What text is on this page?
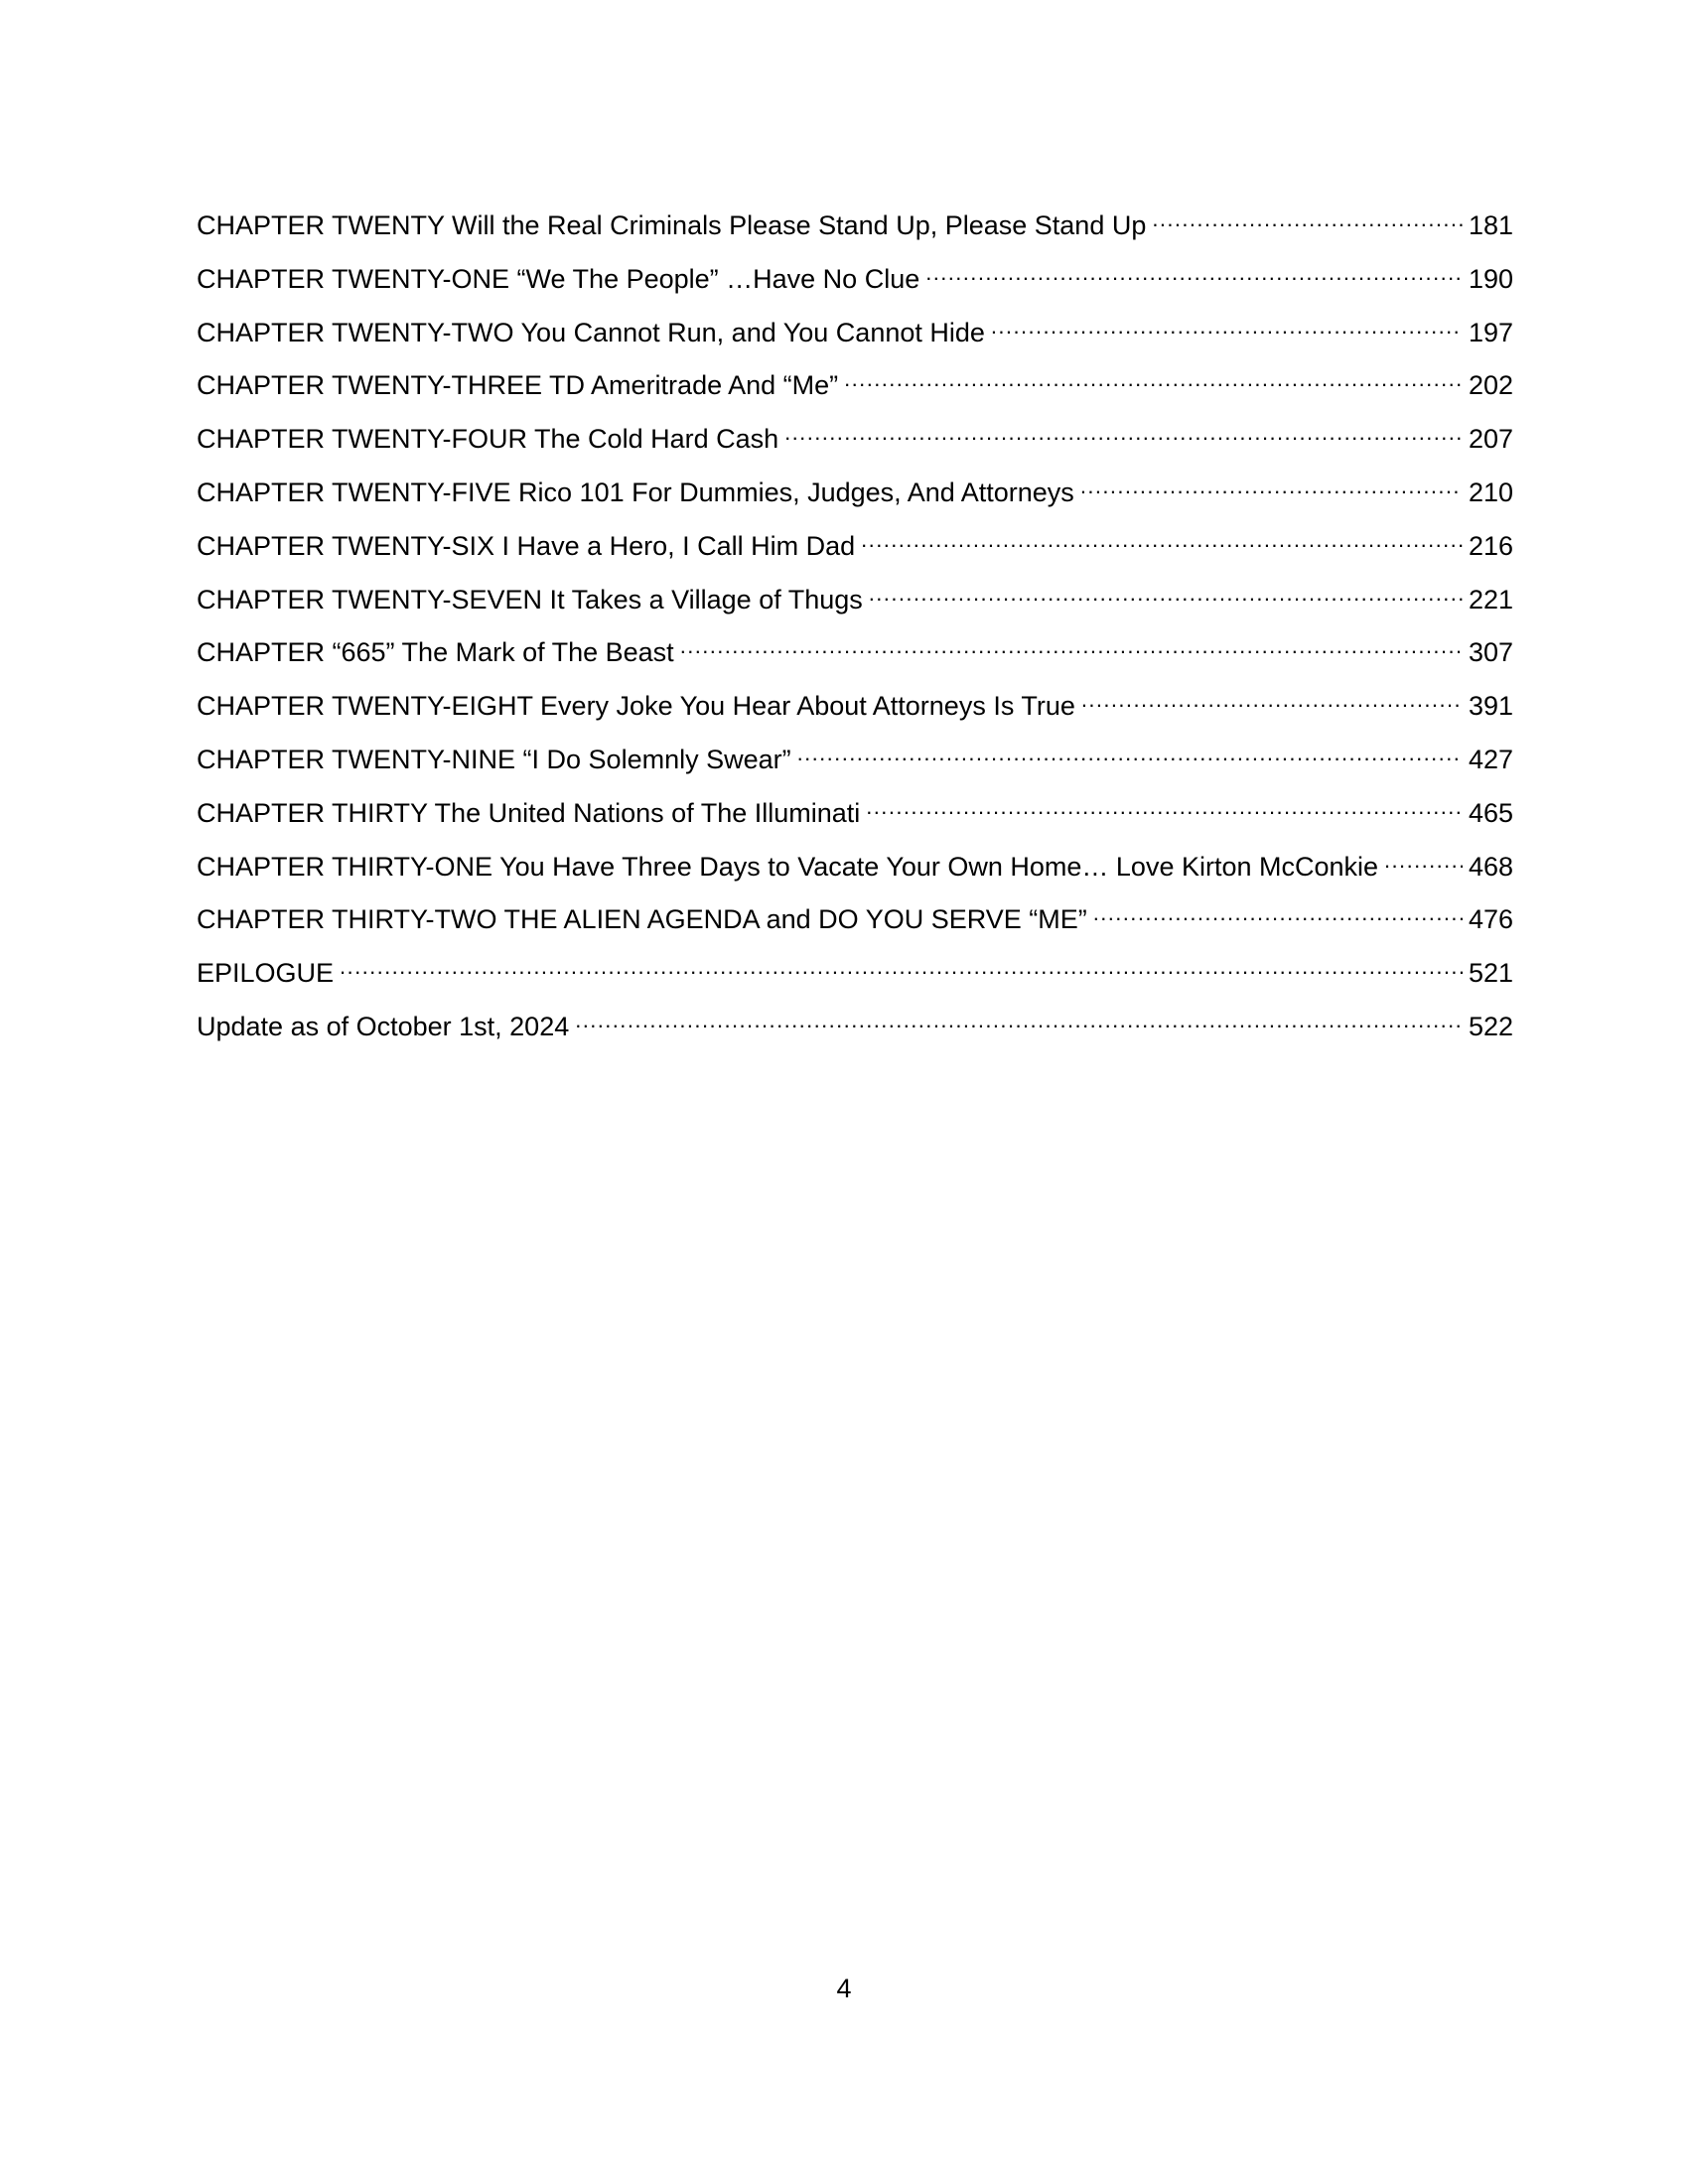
CHAPTER TWENTY Will the Real Criminals Please Stand Up, Please Stand Up .....	181
CHAPTER TWENTY-ONE “We The People” …Have No Clue .....	190
CHAPTER TWENTY-TWO You Cannot Run, and You Cannot Hide .....	197
CHAPTER TWENTY-THREE TD Ameritrade And “Me” .....	202
CHAPTER TWENTY-FOUR The Cold Hard Cash .....	207
CHAPTER TWENTY-FIVE Rico 101 For Dummies, Judges, And Attorneys .....	210
CHAPTER TWENTY-SIX I Have a Hero, I Call Him Dad .....	216
CHAPTER TWENTY-SEVEN It Takes a Village of Thugs .....	221
CHAPTER “665” The Mark of The Beast .....	307
CHAPTER TWENTY-EIGHT Every Joke You Hear About Attorneys Is True .....	391
CHAPTER TWENTY-NINE “I Do Solemnly Swear” .....	427
CHAPTER THIRTY The United Nations of The Illuminati .....	465
CHAPTER THIRTY-ONE You Have Three Days to Vacate Your Own Home… Love Kirton McConkie .....	468
CHAPTER THIRTY-TWO THE ALIEN AGENDA and DO YOU SERVE “ME” .....	476
EPILOGUE .....	521
Update as of October 1st, 2024 .....	522
4
